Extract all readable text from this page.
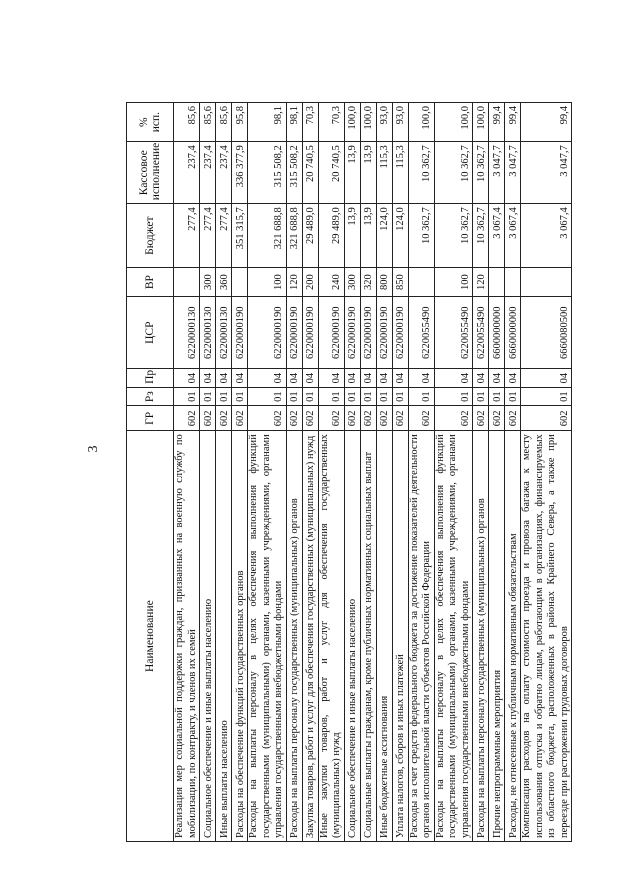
3
Наименование	ГР	Рз	Пр	ЦСР	ВР	Бюджет	Кассовое исполнение	% исп.
Реализация мер социальной поддержки граждан, призванных на военную службу по мобилизации, по контракту, и членов их семей	602	01	04	6220000130		277,4	237,4	85,6
Социальное обеспечение и иные выплаты населению	602	01	04	6220000130	300	277,4	237,4	85,6
Иные выплаты населению	602	01	04	6220000130	360	277,4	237,4	85,6
Расходы на обеспечение функций государственных органов	602	01	04	6220000190		351 315,7	336 377,9	95,8
Расходы на выплаты персоналу в целях обеспечения выполнения функций государственными (муниципальными) органами, казенными учреждениями, органами управления государственными внебюджетными фондами	602	01	04	6220000190	100	321 688,8	315 508,2	98,1
Расходы на выплаты персоналу государственных (муниципальных) органов	602	01	04	6220000190	120	321 688,8	315 508,2	98,1
Закупка товаров, работ и услуг для обеспечения государственных (муниципальных) нужд	602	01	04	6220000190	200	29 489,0	20 740,5	70,3
Иные закупки товаров, работ и услуг для обеспечения государственных (муниципальных) нужд	602	01	04	6220000190	240	29 489,0	20 740,5	70,3
Социальное обеспечение и иные выплаты населению	602	01	04	6220000190	300	13,9	13,9	100,0
Социальные выплаты гражданам, кроме публичных нормативных социальных выплат	602	01	04	6220000190	320	13,9	13,9	100,0
Иные бюджетные ассигнования	602	01	04	6220000190	800	124,0	115,3	93,0
Уплата налогов, сборов и иных платежей	602	01	04	6220000190	850	124,0	115,3	93,0
Расходы за счет средств федерального бюджета за достижение показателей деятельности органов исполнительной власти субъектов Российской Федерации	602	01	04	6220055490		10 362,7	10 362,7	100,0
Расходы на выплаты персоналу в целях обеспечения выполнения функций государственными (муниципальными) органами, казенными учреждениями, органами управления государственными внебюджетными фондами	602	01	04	6220055490	100	10 362,7	10 362,7	100,0
Расходы на выплаты персоналу государственных (муниципальных) органов	602	01	04	6220055490	120	10 362,7	10 362,7	100,0
Прочие непрограммные мероприятия	602	01	04	6600000000		3 067,4	3 047,7	99,4
Расходы, не отнесенные к публичным нормативным обязательствам	602	01	04	6660000000		3 067,4	3 047,7	99,4
Компенсация расходов на оплату стоимости проезда и провоза багажа к месту использования отпуска и обратно лицам, работающим в организациях, финансируемых из областного бюджета, расположенных в районах Крайнего Севера, а также при переезде при расторжении трудовых договоров	602	01	04	6660080500		3 067,4	3 047,7	99,4
